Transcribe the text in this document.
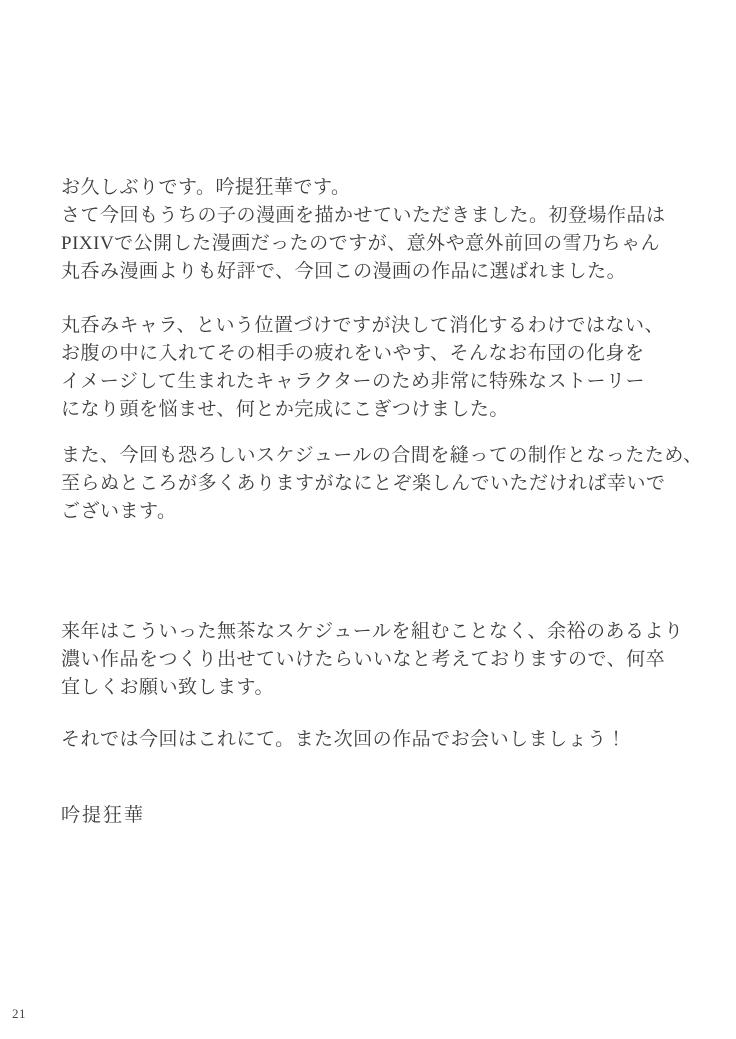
お久しぶりです。吟提狂華です。
さて今回もうちの子の漫画を描かせていただきました。初登場作品は
PIXIVで公開した漫画だったのですが、意外や意外前回の雪乃ちゃん
丸呑み漫画よりも好評で、今回この漫画の作品に選ばれました。
丸呑みキャラ、という位置づけですが決して消化するわけではない、
お腹の中に入れてその相手の疲れをいやす、そんなお布団の化身を
イメージして生まれたキャラクターのため非常に特殊なストーリー
になり頭を悩ませ、何とか完成にこぎつけました。
また、今回も恐ろしいスケジュールの合間を縫っての制作となったため、
至らぬところが多くありますがなにとぞ楽しんでいただければ幸いで
ございます。
来年はこういった無茶なスケジュールを組むことなく、余裕のあるより
濃い作品をつくり出せていけたらいいなと考えておりますので、何卒
宜しくお願い致します。
それでは今回はこれにて。また次回の作品でお会いしましょう！
吟提狂華
21
